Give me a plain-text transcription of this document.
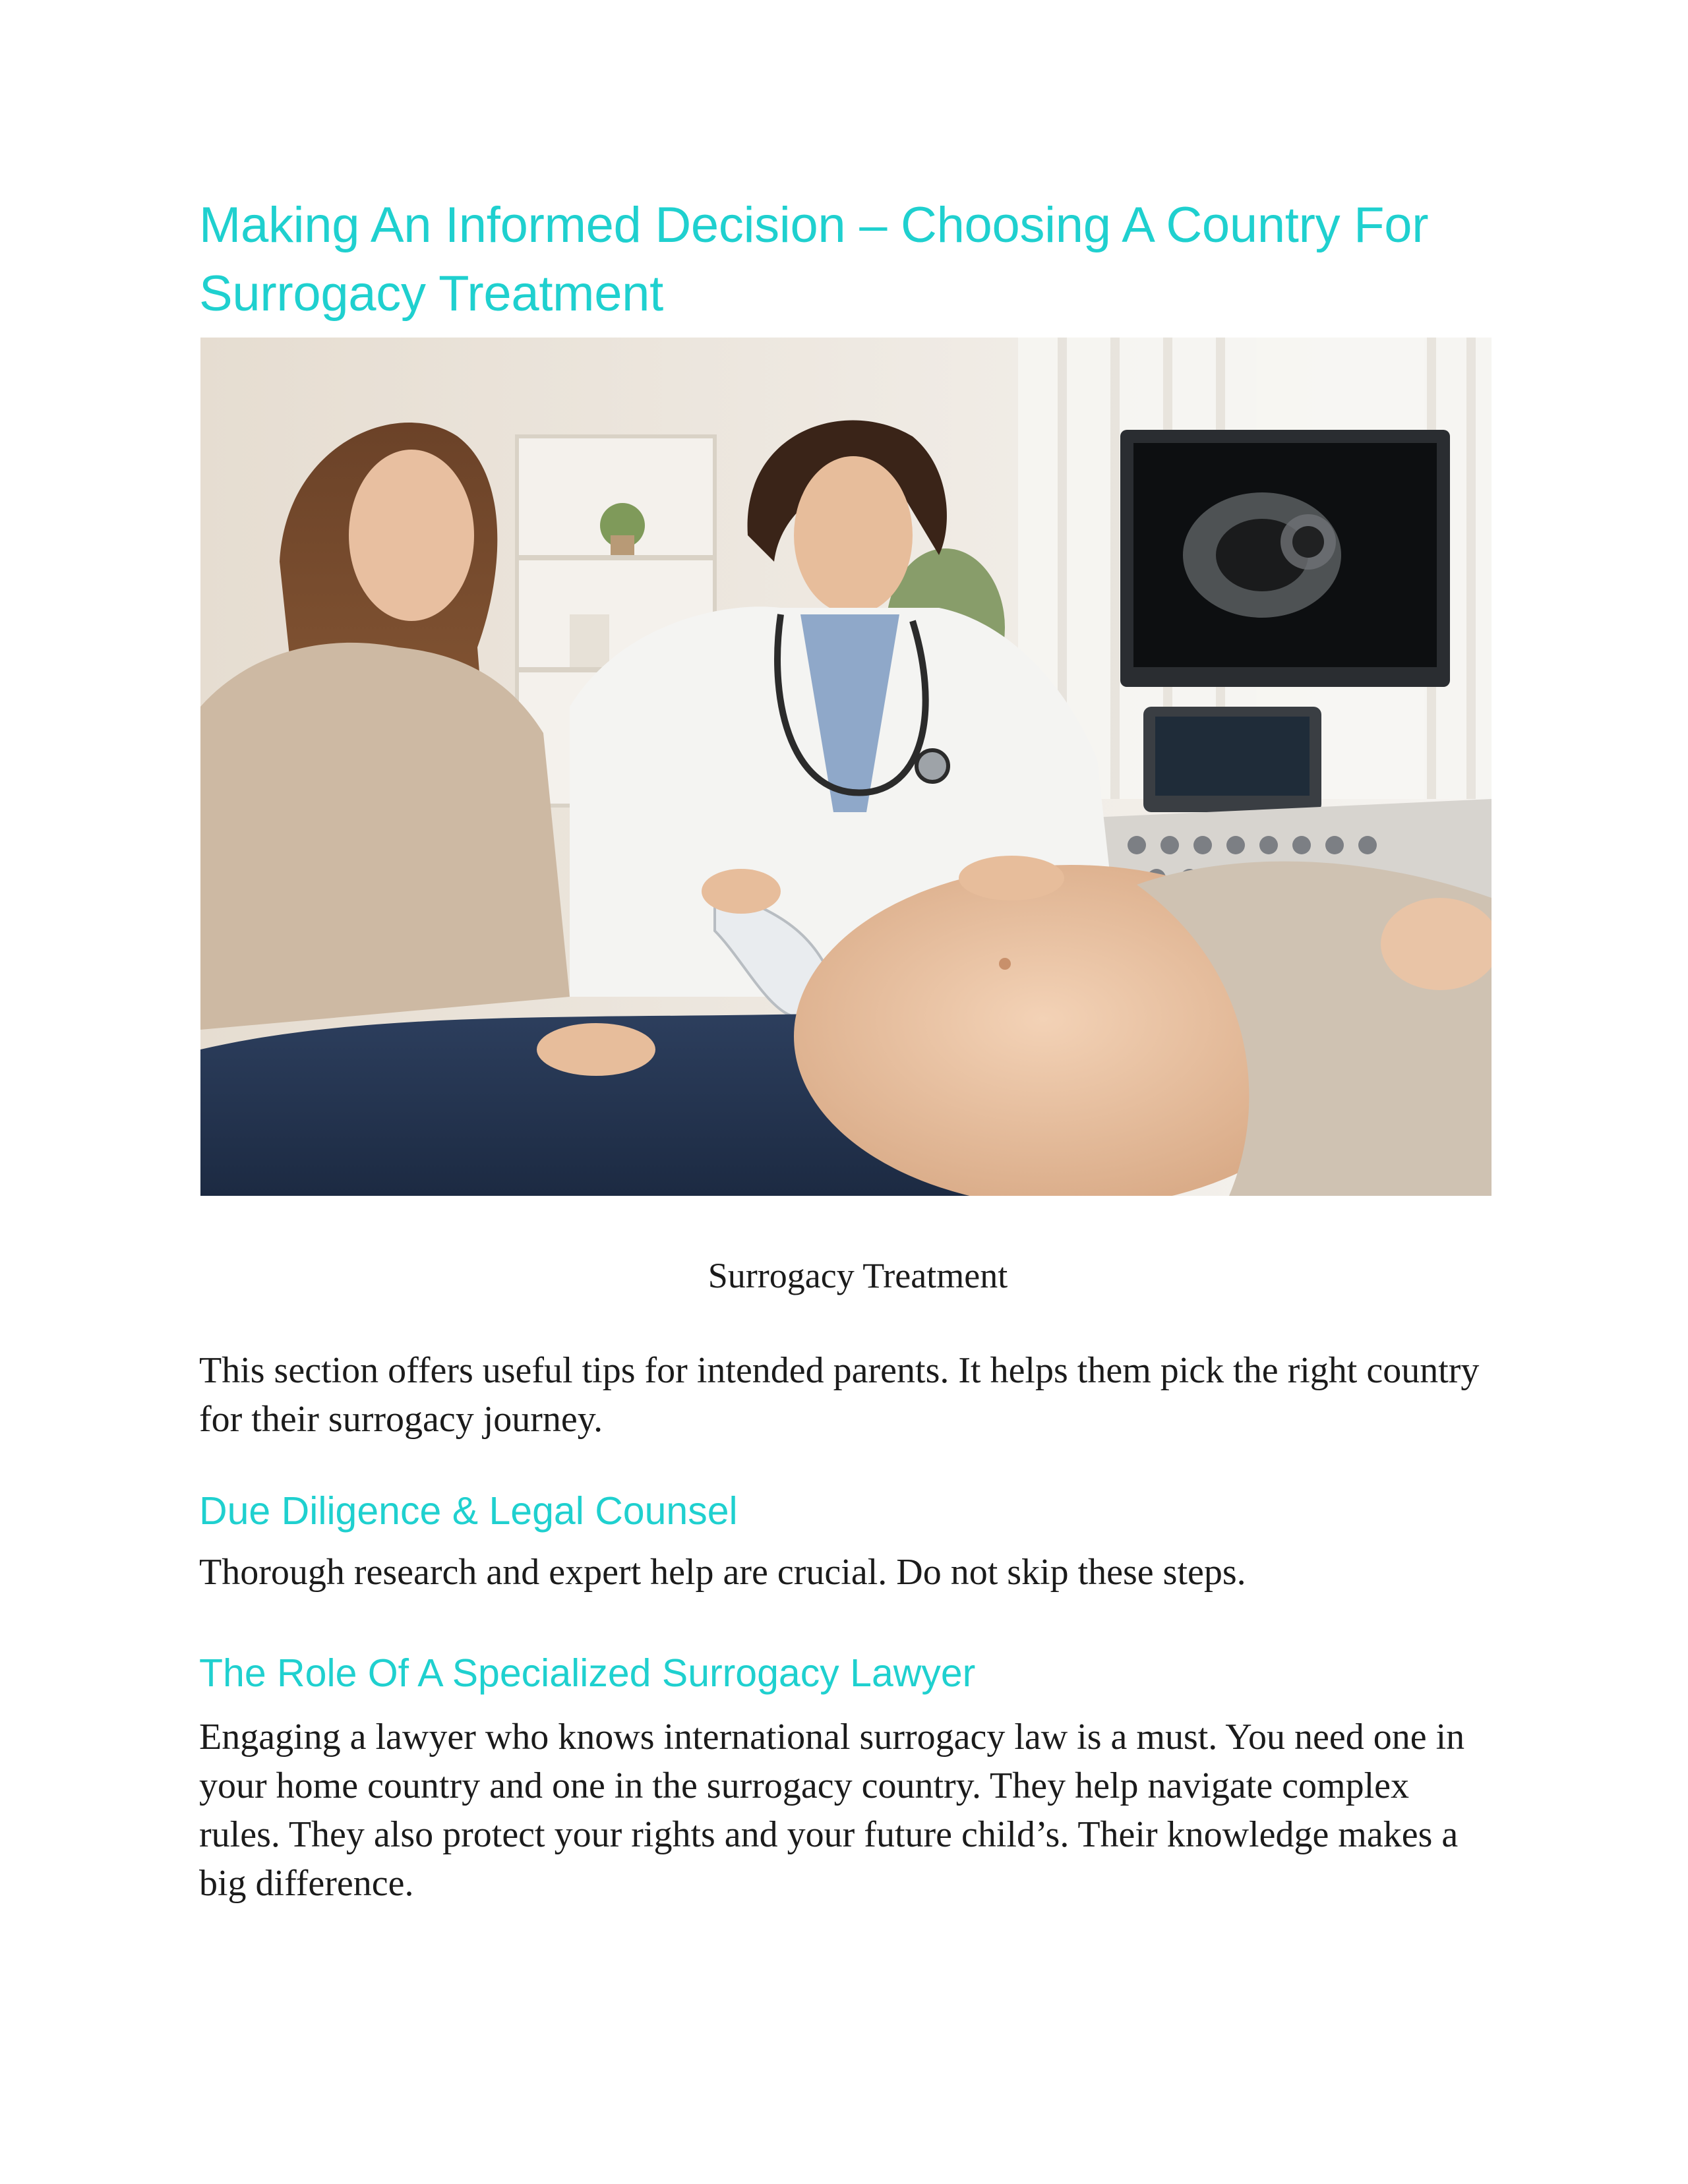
Making An Informed Decision – Choosing A Country For Surrogacy Treatment
Surrogacy Treatment

This section offers useful tips for intended parents. It helps them pick the right country for their surrogacy journey.

Due Diligence & Legal Counsel

Thorough research and expert help are crucial. Do not skip these steps.

The Role Of A Specialized Surrogacy Lawyer

Engaging a lawyer who knows international surrogacy law is a must. You need one in your home country and one in the surrogacy country. They help navigate complex rules. They also protect your rights and your future child’s. Their knowledge makes a big difference.
